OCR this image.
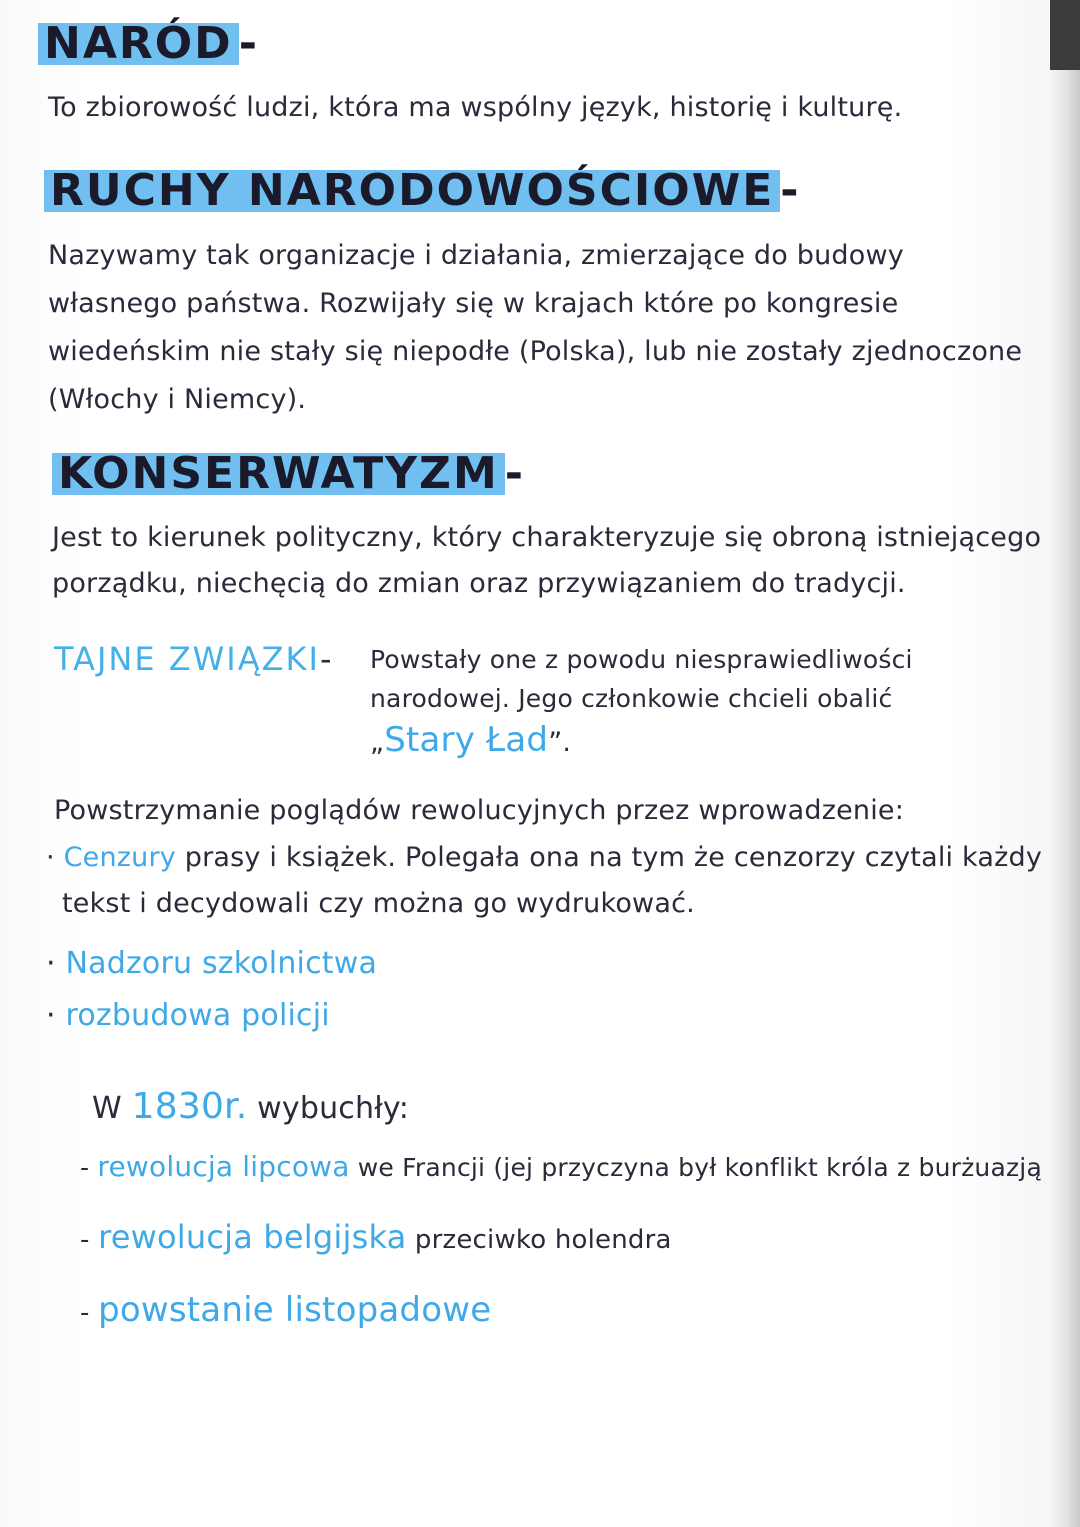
NARÓD -
To zbiorowość ludzi, która ma wspólny język, historię i kulturę.
RUCHY NARODOWOŚCIOWE -
Nazywamy tak organizacje i działania, zmierzające do budowy
własnego państwa. Rozwijały się w krajach które po kongresie
wiedeńskim nie stały się niepodłe (Polska), lub nie zostały zjednoczone
(Włochy i Niemcy).
KONSERWATYZM -
Jest to kierunek polityczny, który charakteryzuje się obroną istniejącego
porządku, niechęcią do zmian oraz przywiązaniem do tradycji.
TAJNE ZWIĄZKI- Powstały one z powodu niesprawiedliwości
narodowej. Jego członkowie chcieli obalić
„Stary Ład”.
Powstrzymanie poglądów rewolucyjnych przez wprowadzenie:
· Cenzury prasy i książek. Polegała ona na tym że cenzorzy czytali każdy
tekst i decydowali czy można go wydrukować.
· Nadzoru szkolnictwa
· rozbudowa policji
W 1830r. wybuchły:
- rewolucja lipcowa we Francji (jej przyczyna był konflikt króla z burżuazją
- rewolucja belgijska przeciwko holendra
- powstanie listopadowe
